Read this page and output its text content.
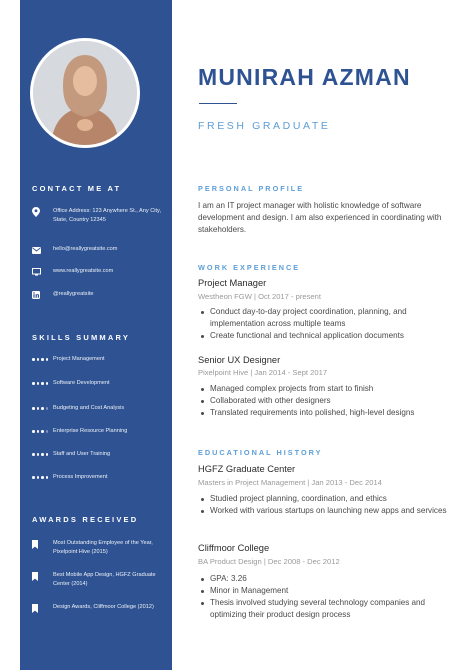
CONTACT ME AT
Office Address: 123 Anywhere St., Any City, State, Country 12345
hello@reallygreatsite.com
www.reallygreatsite.com
@reallygreatsite
SKILLS SUMMARY
Project Management
Software Development
Budgeting and Cost Analysis
Enterprise Resource Planning
Staff and User Training
Process Improvement
AWARDS RECEIVED
Most Outstanding Employee of the Year, Pixelpoint Hive (2015)
Best Mobile App Design, HGFZ Graduate Center (2014)
Design Awards, Cliffmoor College (2012)
MUNIRAH AZMAN
FRESH GRADUATE
PERSONAL PROFILE
I am an IT project manager with holistic knowledge of software development and design. I am also experienced in coordinating with stakeholders.
WORK EXPERIENCE
Project Manager
Westheon FGW | Oct 2017 - present
Conduct day-to-day project coordination, planning, and implementation across multiple teams
Create functional and technical application documents
Senior UX Designer
Pixelpoint Hive | Jan 2014 - Sept 2017
Managed complex projects from start to finish
Collaborated with other designers
Translated requirements into polished, high-level designs
EDUCATIONAL HISTORY
HGFZ Graduate Center
Masters in Project Management | Jan 2013 - Dec 2014
Studied project planning, coordination, and ethics
Worked with various startups on launching new apps and services
Cliffmoor College
BA Product Design | Dec 2008 - Dec 2012
GPA: 3.26
Minor in Management
Thesis involved studying several technology companies and optimizing their product design process
